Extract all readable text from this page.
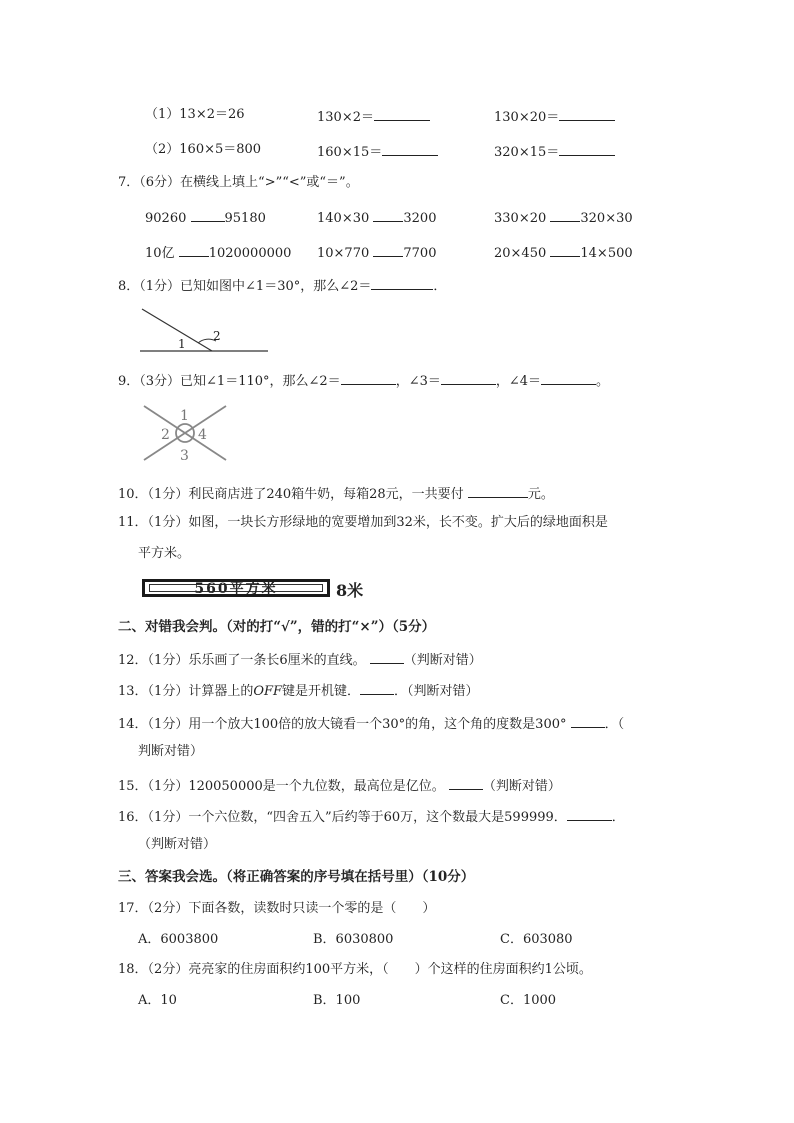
（1）13×2＝26	130×2＝	130×20＝
（2）160×5＝800	160×15＝	320×15＝
7．（6分）在横线上填上“>”“<”或“＝”。
90260	95180	140×30	3200	330×20	320×30
10亿	1020000000 10×770	7700	20×450	14×500
8．（1分）已知如图中∠1＝30°，那么∠2＝	．
1
2
9．（3分）已知∠1＝110°，那么∠2＝	，∠3＝	，∠4＝	。
1
2
3
4
10．（1分）利民商店进了240箱牛奶，每箱28元，一共要付	元。
11．（1分）如图，一块长方形绿地的宽要增加到32米，长不变。扩大后的绿地面积是
平方米。
560平方米	8米
二、对错我会判。（对的打“√”，错的打“×”）（5分）
12．（1分）乐乐画了一条长6厘米的直线。	（判断对错）
13．（1分）计算器上的OFF键是开机键．	．（判断对错）
14．（1分）用一个放大100倍的放大镜看一个30°的角，这个角的度数是300°	．（
判断对错）
15．（1分）120050000是一个九位数，最高位是亿位。	（判断对错）
16．（1分）一个六位数，“四舍五入”后约等于60万，这个数最大是599999．	．
（判断对错）
三、答案我会选。（将正确答案的序号填在括号里）（10分）
17．（2分）下面各数，读数时只读一个零的是（　　）
A．6003800	B．6030800	C．603080
18．（2分）亮亮家的住房面积约100平方米，（　　）个这样的住房面积约1公顷。
A．10	B．100	C．1000
